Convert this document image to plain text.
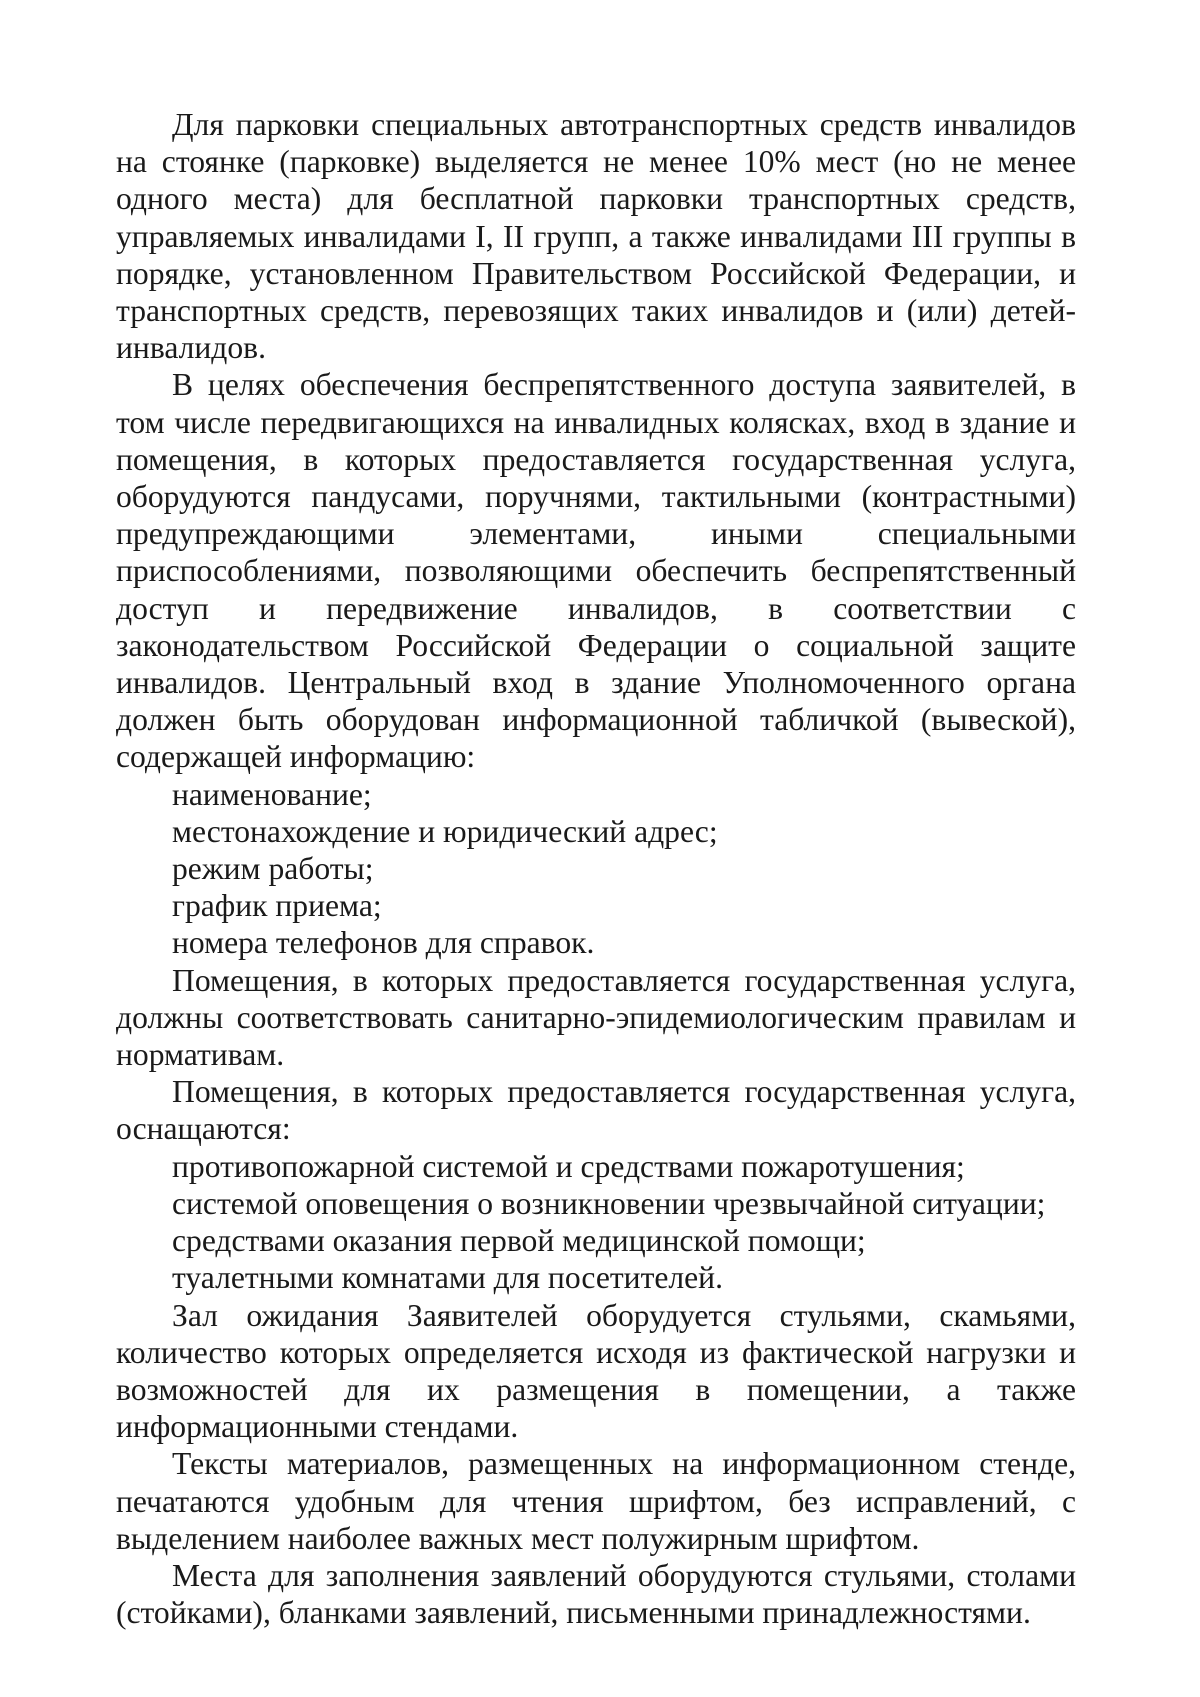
Для парковки специальных автотранспортных средств инвалидов на стоянке (парковке) выделяется не менее 10% мест (но не менее одного места) для бесплатной парковки транспортных средств, управляемых инвалидами I, II групп, а также инвалидами III группы в порядке, установленном Правительством Российской Федерации, и транспортных средств, перевозящих таких инвалидов и (или) детей- инвалидов.

В целях обеспечения беспрепятственного доступа заявителей, в том числе передвигающихся на инвалидных колясках, вход в здание и помещения, в которых предоставляется государственная услуга, оборудуются пандусами, поручнями, тактильными (контрастными) предупреждающими элементами, иными специальными приспособлениями, позволяющими обеспечить беспрепятственный доступ и передвижение инвалидов, в соответствии с законодательством Российской Федерации о социальной защите инвалидов. Центральный вход в здание Уполномоченного органа должен быть оборудован информационной табличкой (вывеской), содержащей информацию:

наименование;

местонахождение и юридический адрес;

режим работы;

график приема;

номера телефонов для справок.

Помещения, в которых предоставляется государственная услуга, должны соответствовать санитарно-эпидемиологическим правилам и нормативам.

Помещения, в которых предоставляется государственная услуга, оснащаются:

противопожарной системой и средствами пожаротушения;

системой оповещения о возникновении чрезвычайной ситуации;

средствами оказания первой медицинской помощи;

туалетными комнатами для посетителей.

Зал ожидания Заявителей оборудуется стульями, скамьями, количество которых определяется исходя из фактической нагрузки и возможностей для их размещения в помещении, а также информационными стендами.

Тексты материалов, размещенных на информационном стенде, печатаются удобным для чтения шрифтом, без исправлений, с выделением наиболее важных мест полужирным шрифтом.

Места для заполнения заявлений оборудуются стульями, столами (стойками), бланками заявлений, письменными принадлежностями.
